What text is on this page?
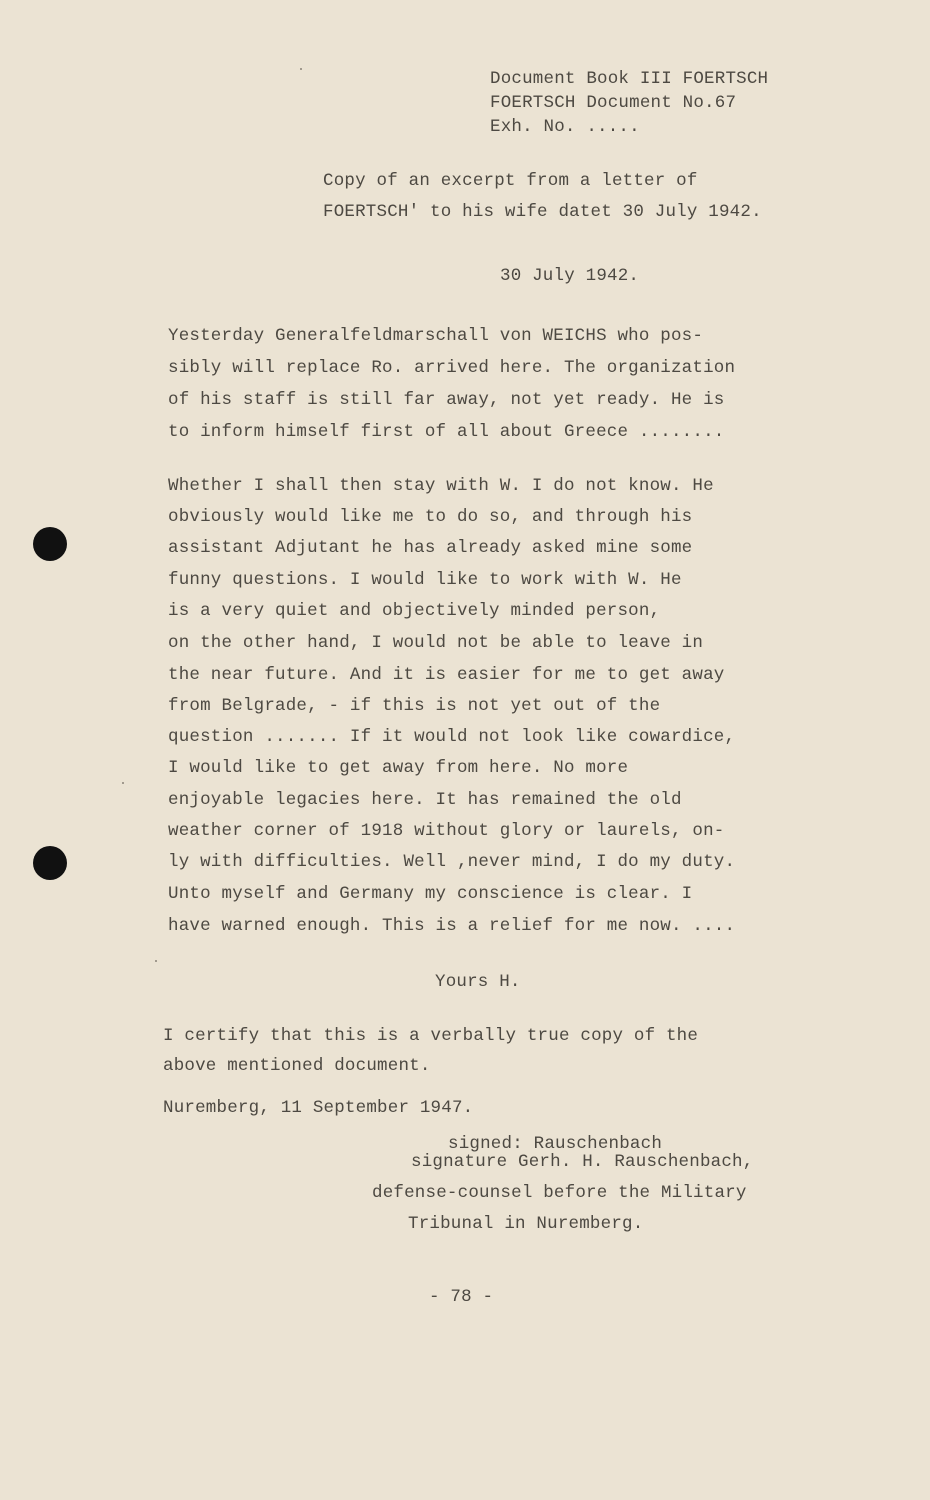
Document Book III FOERTSCH
FOERTSCH Document No.67
Exh. No. .....
Copy of an excerpt from a letter of
FOERTSCH' to his wife datet 30 July 1942.
30 July 1942.
Yesterday Generalfeldmarschall von WEICHS who pos-
sibly will replace Ro. arrived here. The organization
of his staff is still far away, not yet ready. He is
to inform himself first of all about Greece ........
Whether I shall then stay with W. I do not know. He
obviously would like me to do so, and through his
assistant Adjutant he has already asked mine some
funny questions. I would like to work with W. He
is a very quiet and objectively minded person,
on the other hand, I would not be able to leave in
the near future. And it is easier for me to get away
from Belgrade, - if this is not yet out of the
question ....... If it would not look like cowardice,
I would like to get away from here. No more
enjoyable legacies here. It has remained the old
weather corner of 1918 without glory or laurels, on-
ly with difficulties. Well ,never mind, I do my duty.
Unto myself and Germany my conscience is clear. I
have warned enough. This is a relief for me now. ....
Yours H.
I certify that this is a verbally true copy of the
above mentioned document.
Nuremberg, 11 September 1947.
signed: Rauschenbach
signature Gerh. H. Rauschenbach,
defense-counsel before the Military
Tribunal in Nuremberg.
- 78 -
